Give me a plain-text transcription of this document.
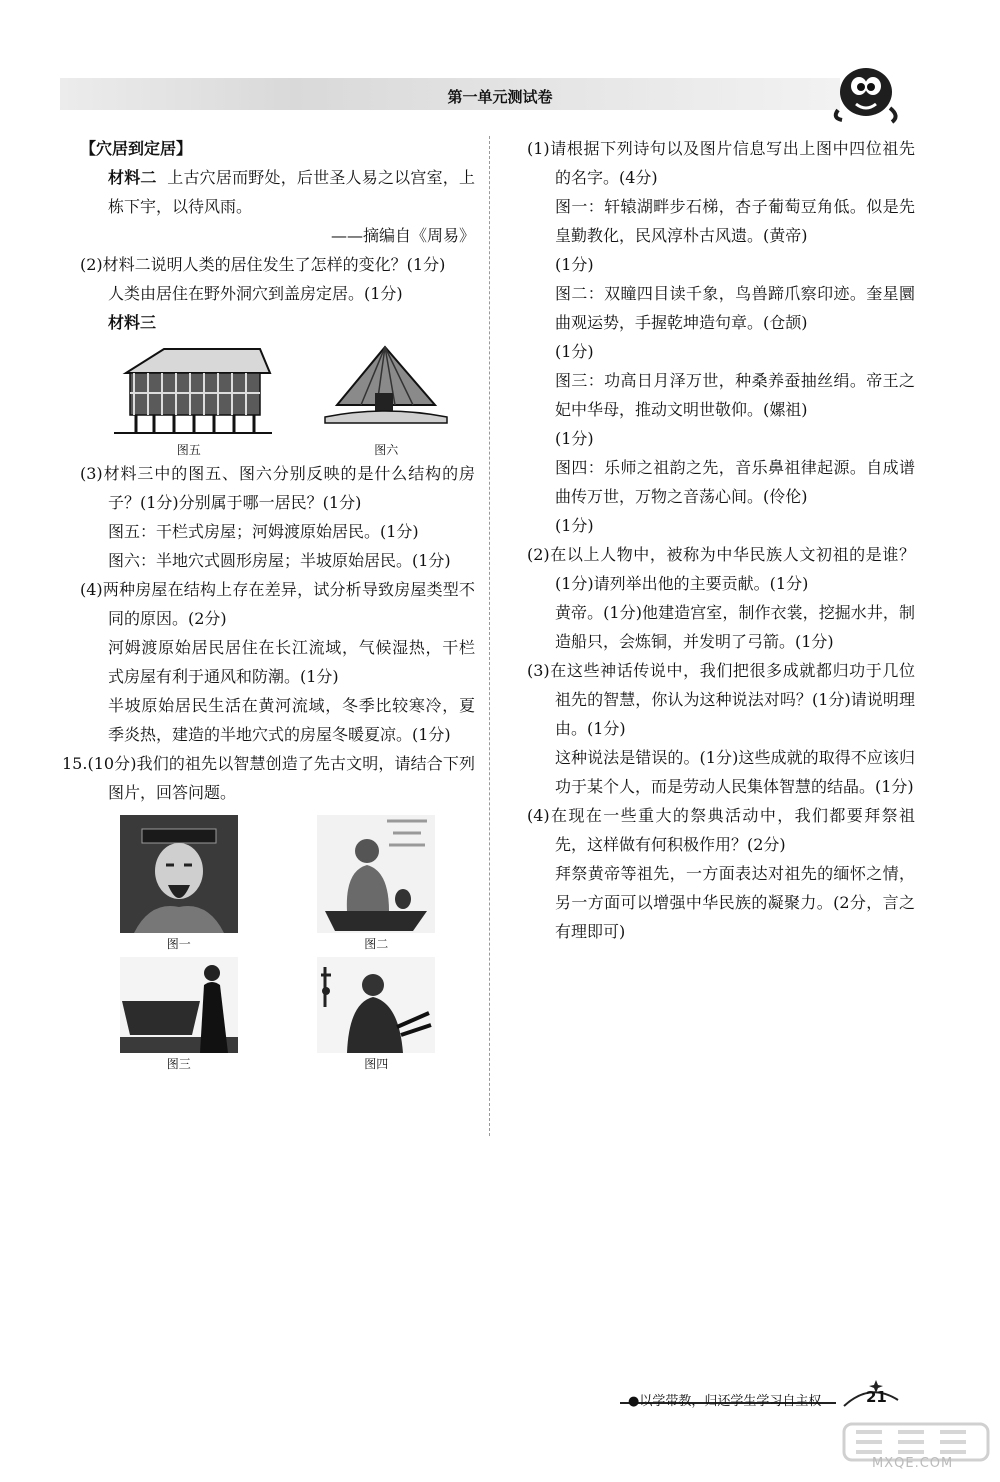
第一单元测试卷

【穴居到定居】

材料二 上古穴居而野处，后世圣人易之以宫室，上栋下宇，以待风雨。

——摘编自《周易》

(2)材料二说明人类的居住发生了怎样的变化？(1分)

人类由居住在野外洞穴到盖房定居。(1分)

材料三

图五	图六

(3)材料三中的图五、图六分别反映的是什么结构的房子？(1分)分别属于哪一居民？(1分)

图五：干栏式房屋；河姆渡原始居民。(1分)

图六：半地穴式圆形房屋；半坡原始居民。(1分)

(4)两种房屋在结构上存在差异，试分析导致房屋类型不同的原因。(2分)

河姆渡原始居民居住在长江流域，气候湿热，干栏式房屋有利于通风和防潮。(1分)

半坡原始居民生活在黄河流域，冬季比较寒冷，夏季炎热，建造的半地穴式的房屋冬暖夏凉。(1分)

15.(10分)我们的祖先以智慧创造了先古文明，请结合下列图片，回答问题。

图一	图二
图三	图四

(1)请根据下列诗句以及图片信息写出上图中四位祖先的名字。(4分)

图一：轩辕湖畔步石梯，杏子葡萄豆角低。似是先皇勤教化，民风淳朴古风遗。(黄帝)

(1分)

图二：双瞳四目读千象，鸟兽蹄爪察印迹。奎星圜曲观运势，手握乾坤造句章。(仓颉)

(1分)

图三：功高日月泽万世，种桑养蚕抽丝绢。帝王之妃中华母，推动文明世敬仰。(嫘祖)

(1分)

图四：乐师之祖韵之先，音乐鼻祖律起源。自成谱曲传万世，万物之音荡心间。(伶伦)

(1分)

(2)在以上人物中，被称为中华民族人文初祖的是谁？(1分)请列举出他的主要贡献。(1分)

黄帝。(1分)他建造宫室，制作衣裳，挖掘水井，制造船只，会炼铜，并发明了弓箭。(1分)

(3)在这些神话传说中，我们把很多成就都归功于几位祖先的智慧，你认为这种说法对吗？(1分)请说明理由。(1分)

这种说法是错误的。(1分)这些成就的取得不应该归功于某个人，而是劳动人民集体智慧的结晶。(1分)

(4)在现在一些重大的祭典活动中，我们都要拜祭祖先，这样做有何积极作用？(2分)

拜祭黄帝等祖先，一方面表达对祖先的缅怀之情，另一方面可以增强中华民族的凝聚力。(2分，言之有理即可)

●以学带教，归还学生学习自主权	21
MXQE.COM
